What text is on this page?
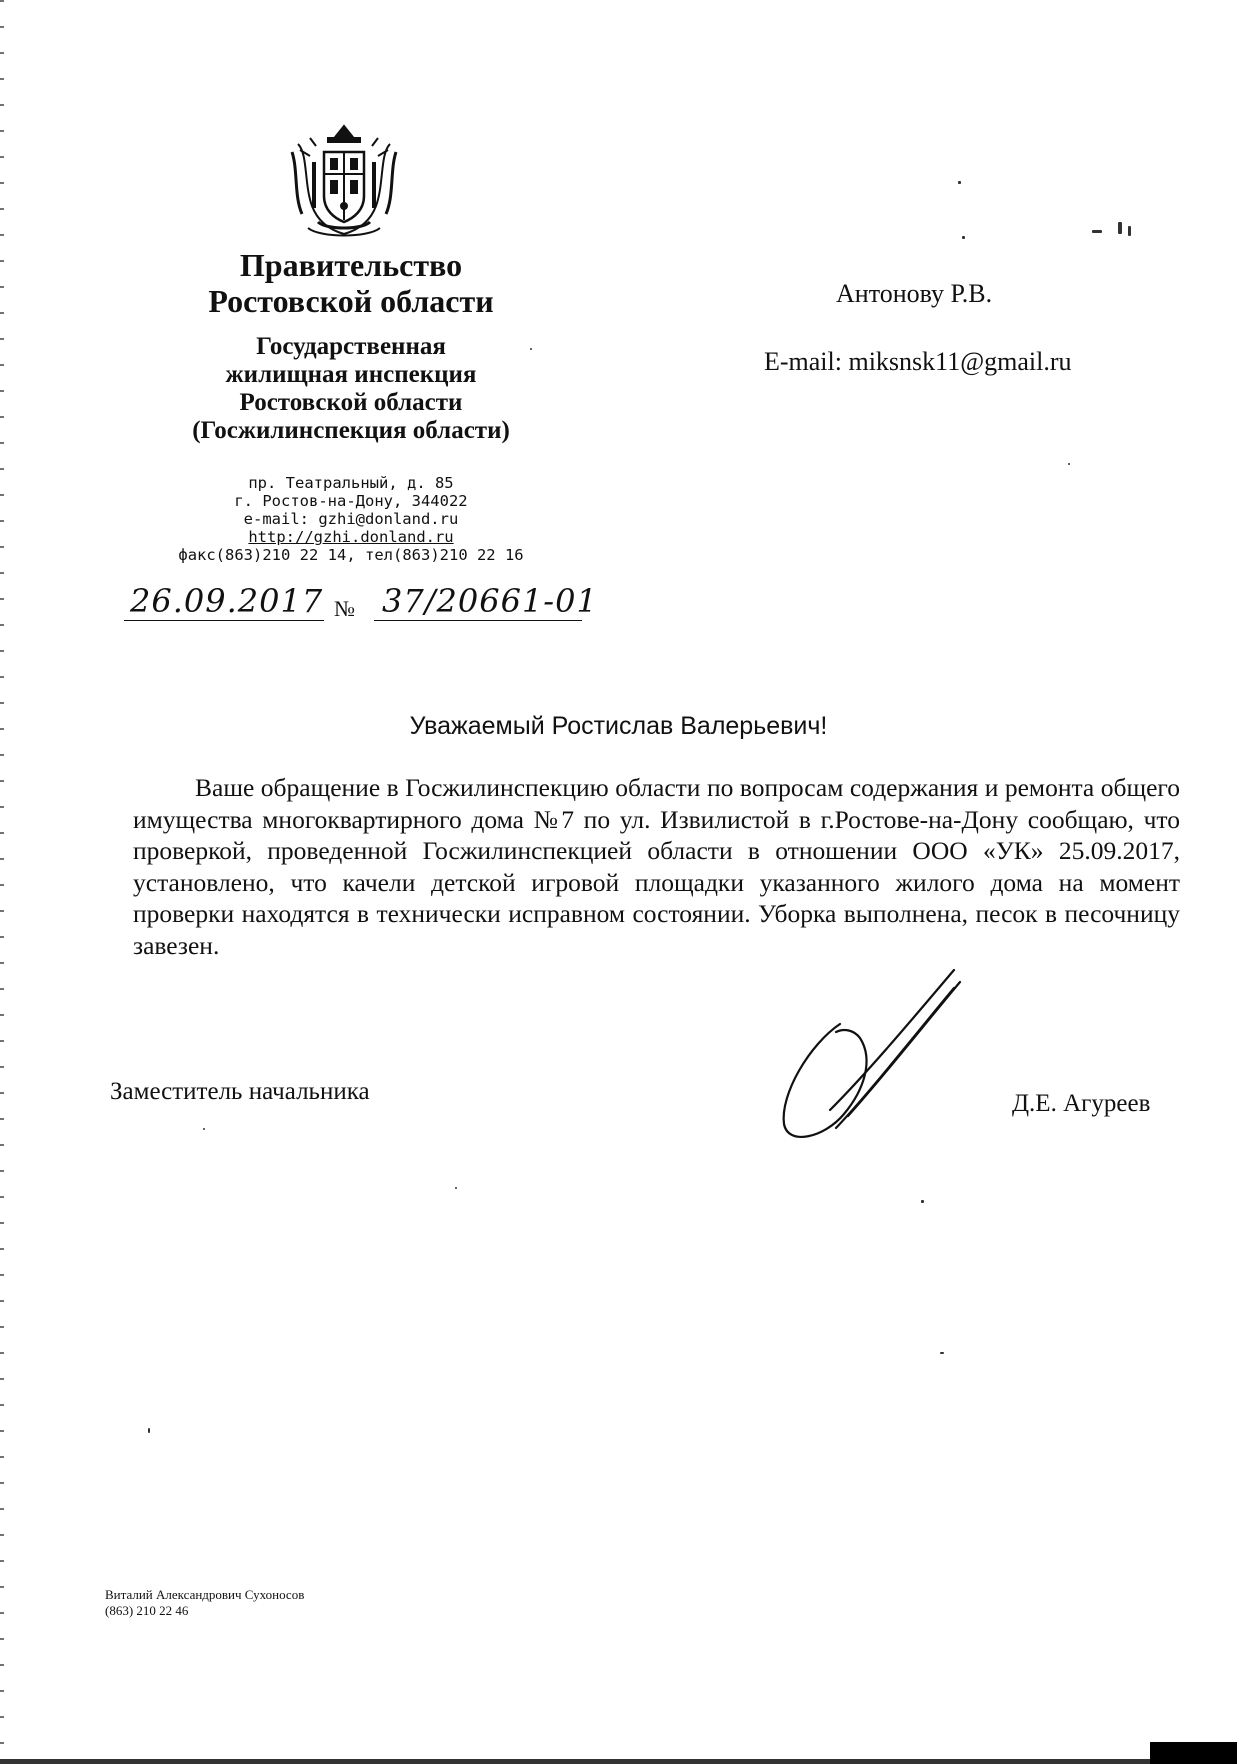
Правительство
Ростовской области
Государственная
жилищная инспекция
Ростовской области
(Госжилинспекция области)
пр. Театральный, д. 85
г. Ростов-на-Дону, 344022
e-mail: gzhi@donland.ru
http://gzhi.donland.ru
факс(863)210 22 14, тел(863)210 22 16
26.09.2017 № 37/20661-01
Антонову Р.В.
E-mail: miksnsk11@gmail.ru
Уважаемый Ростислав Валерьевич!
Ваше обращение в Госжилинспекцию области по вопросам содержания и ремонта общего имущества многоквартирного дома №7 по ул. Извилистой в г.Ростове-на-Дону сообщаю, что проверкой, проведенной Госжилинспекцией области в отношении ООО «УК» 25.09.2017, установлено, что качели детской игровой площадки указанного жилого дома на момент проверки находятся в технически исправном состоянии. Уборка выполнена, песок в песочницу завезен.
Заместитель начальника	Д.Е. Агуреев
Виталий Александрович Сухоносов
(863) 210 22 46
